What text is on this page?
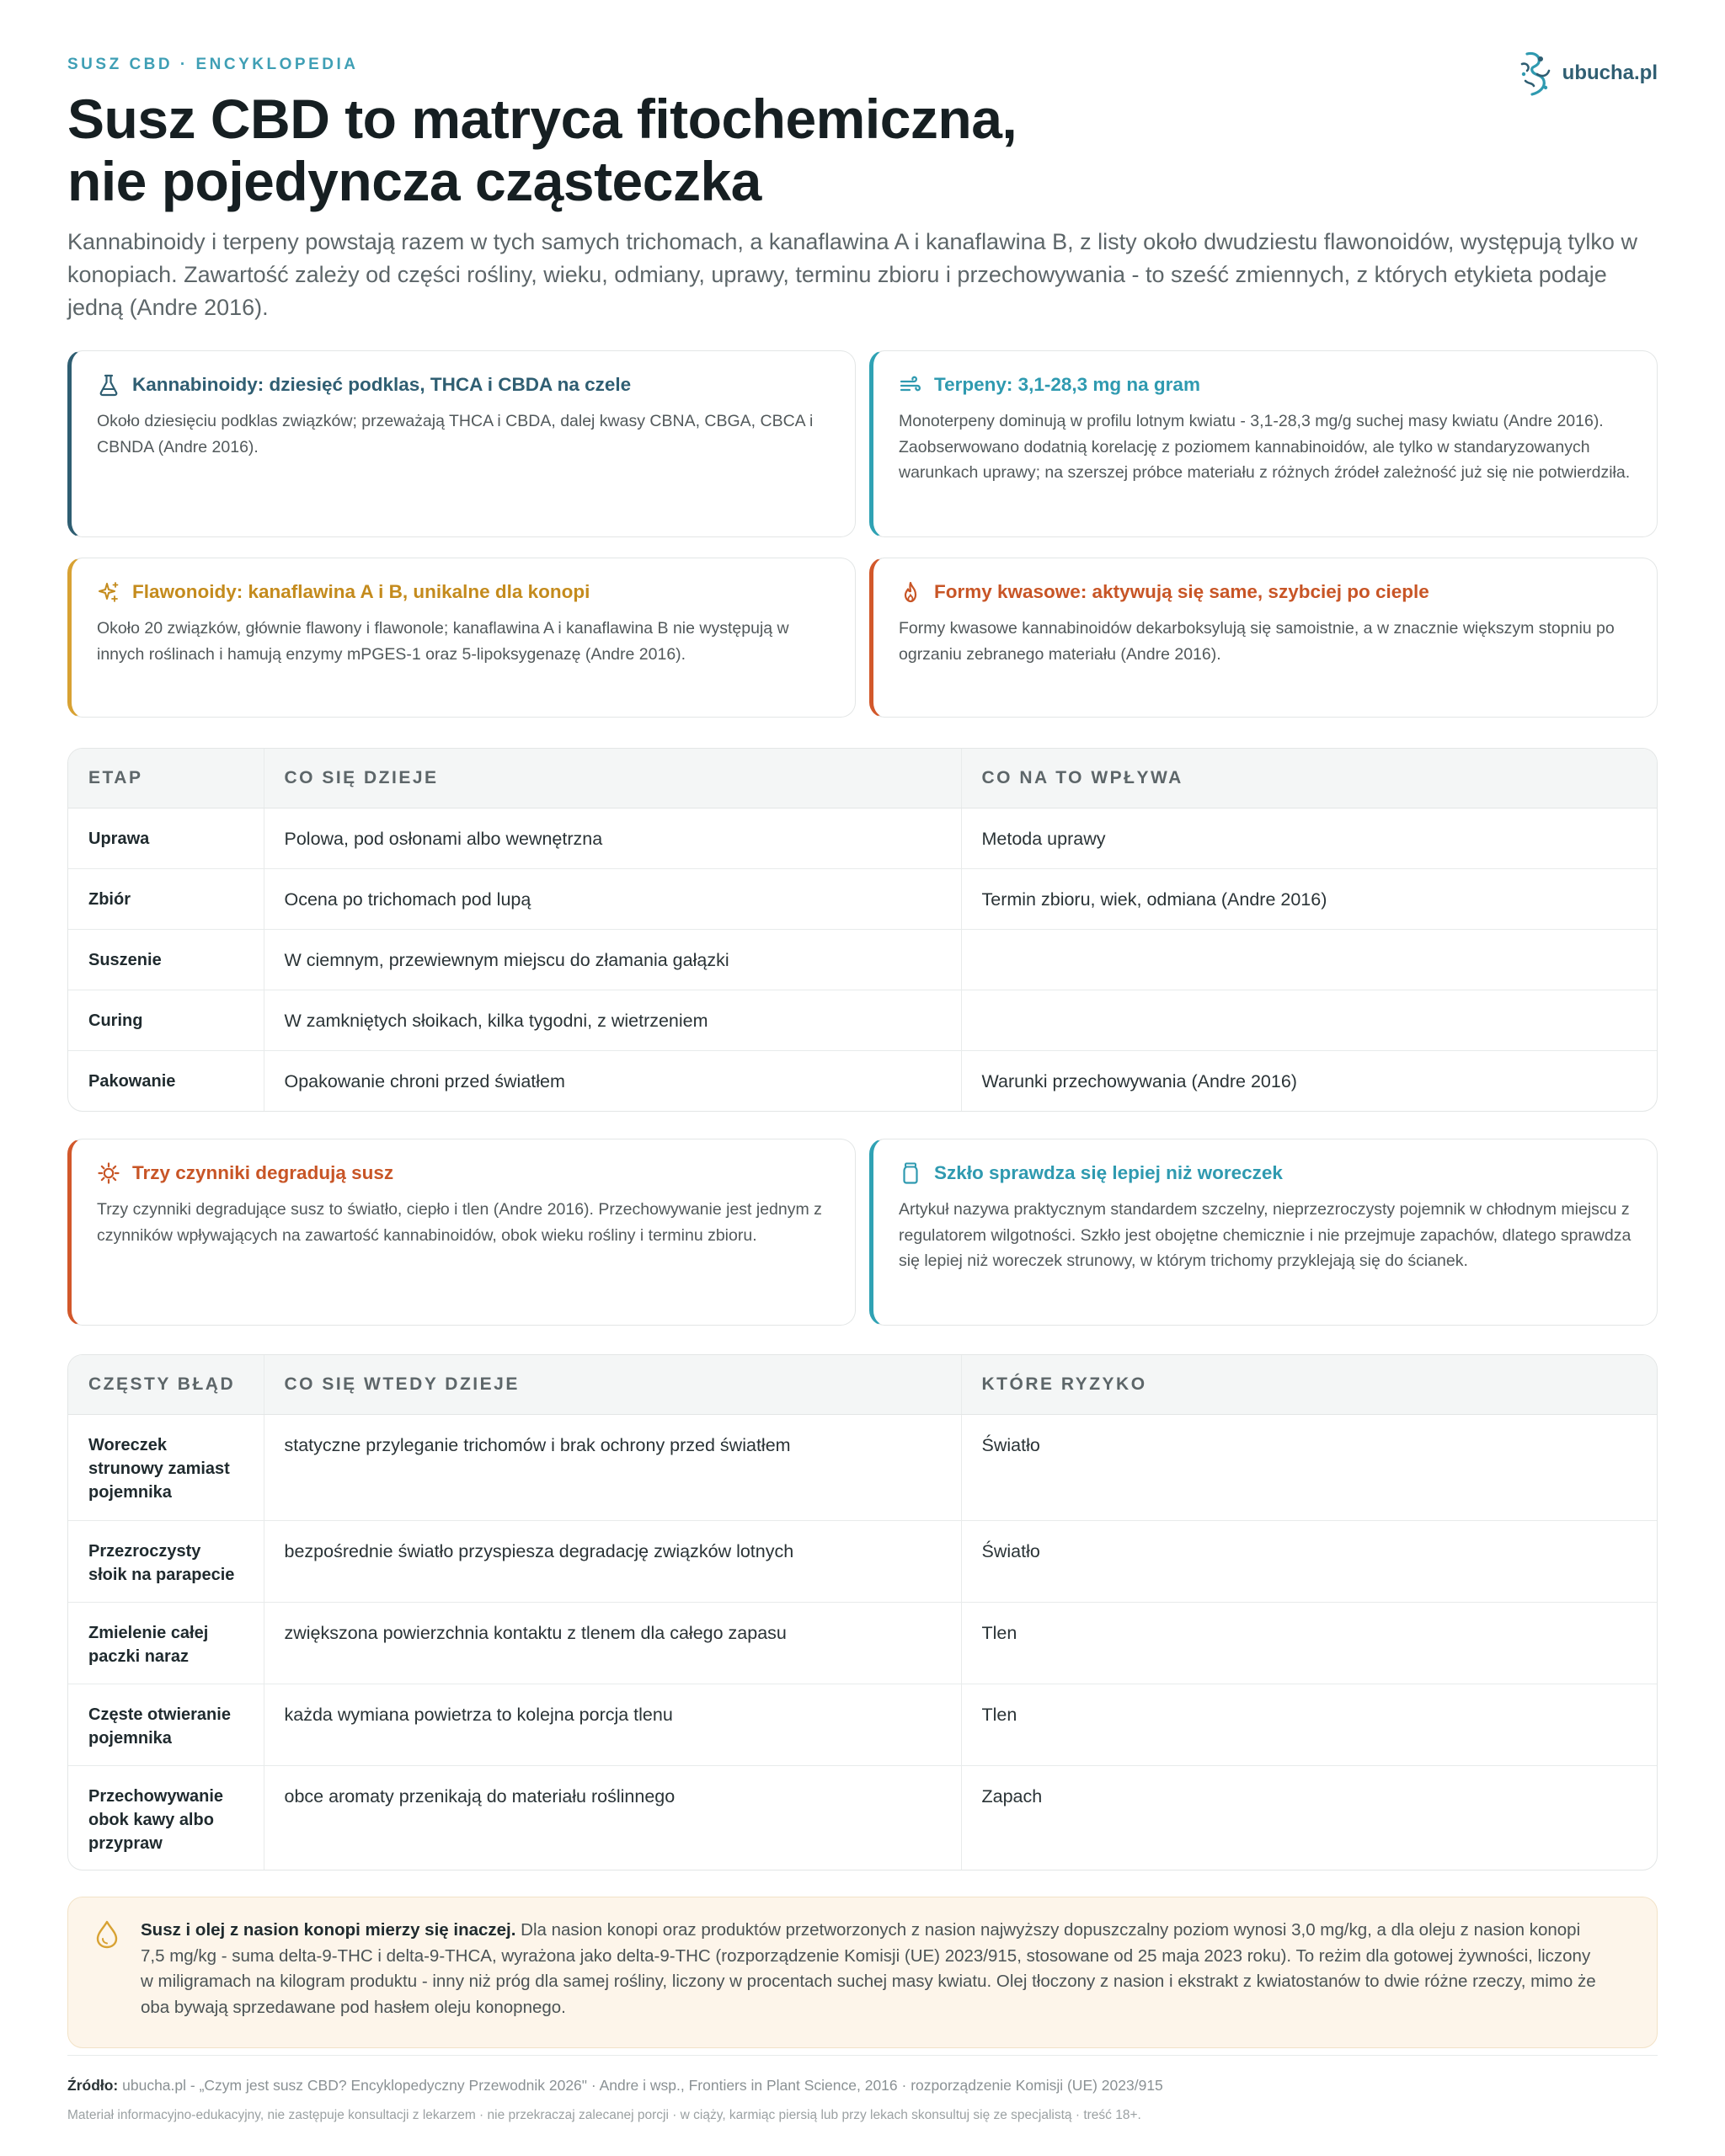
ubucha.pl
SUSZ CBD · ENCYKLOPEDIA
Susz CBD to matryca fitochemiczna,
nie pojedyncza cząsteczka

Kannabinoidy i terpeny powstają razem w tych samych trichomach, a kanaflawina A i kanaflawina B, z listy około dwudziestu flawonoidów, występują tylko w konopiach. Zawartość zależy od części rośliny, wieku, odmiany, uprawy, terminu zbioru i przechowywania - to sześć zmiennych, z których etykieta podaje jedną (Andre 2016).

Kannabinoidy: dziesięć podklas, THCA i CBDA na czele

Około dziesięciu podklas związków; przeważają THCA i CBDA, dalej kwasy CBNA, CBGA, CBCA i CBNDA (Andre 2016).

Terpeny: 3,1-28,3 mg na gram

Monoterpeny dominują w profilu lotnym kwiatu - 3,1-28,3 mg/g suchej masy kwiatu (Andre 2016). Zaobserwowano dodatnią korelację z poziomem kannabinoidów, ale tylko w standaryzowanych warunkach uprawy; na szerszej próbce materiału z różnych źródeł zależność już się nie potwierdziła.

Flawonoidy: kanaflawina A i B, unikalne dla konopi

Około 20 związków, głównie flawony i flawonole; kanaflawina A i kanaflawina B nie występują w innych roślinach i hamują enzymy mPGES-1 oraz 5-lipoksygenazę (Andre 2016).

Formy kwasowe: aktywują się same, szybciej po cieple

Formy kwasowe kannabinoidów dekarboksylują się samoistnie, a w znacznie większym stopniu po ogrzaniu zebranego materiału (Andre 2016).

ETAP	CO SIĘ DZIEJE	CO NA TO WPŁYWA
Uprawa	Polowa, pod osłonami albo wewnętrzna	Metoda uprawy
Zbiór	Ocena po trichomach pod lupą	Termin zbioru, wiek, odmiana (Andre 2016)
Suszenie	W ciemnym, przewiewnym miejscu do złamania gałązki	
Curing	W zamkniętych słoikach, kilka tygodni, z wietrzeniem	
Pakowanie	Opakowanie chroni przed światłem	Warunki przechowywania (Andre 2016)
Trzy czynniki degradują susz

Trzy czynniki degradujące susz to światło, ciepło i tlen (Andre 2016). Przechowywanie jest jednym z czynników wpływających na zawartość kannabinoidów, obok wieku rośliny i terminu zbioru.

Szkło sprawdza się lepiej niż woreczek

Artykuł nazywa praktycznym standardem szczelny, nieprzezroczysty pojemnik w chłodnym miejscu z regulatorem wilgotności. Szkło jest obojętne chemicznie i nie przejmuje zapachów, dlatego sprawdza się lepiej niż woreczek strunowy, w którym trichomy przyklejają się do ścianek.

CZĘSTY BŁĄD	CO SIĘ WTEDY DZIEJE	KTÓRE RYZYKO
Woreczek strunowy zamiast pojemnika	statyczne przyleganie trichomów i brak ochrony przed światłem	Światło
Przezroczysty słoik na parapecie	bezpośrednie światło przyspiesza degradację związków lotnych	Światło
Zmielenie całej paczki naraz	zwiększona powierzchnia kontaktu z tlenem dla całego zapasu	Tlen
Częste otwieranie pojemnika	każda wymiana powietrza to kolejna porcja tlenu	Tlen
Przechowywanie obok kawy albo przypraw	obce aromaty przenikają do materiału roślinnego	Zapach
Susz i olej z nasion konopi mierzy się inaczej. Dla nasion konopi oraz produktów przetworzonych z nasion najwyższy dopuszczalny poziom wynosi 3,0 mg/kg, a dla oleju z nasion konopi 7,5 mg/kg - suma delta-9-THC i delta-9-THCA, wyrażona jako delta-9-THC (rozporządzenie Komisji (UE) 2023/915, stosowane od 25 maja 2023 roku). To reżim dla gotowej żywności, liczony w miligramach na kilogram produktu - inny niż próg dla samej rośliny, liczony w procentach suchej masy kwiatu. Olej tłoczony z nasion i ekstrakt z kwiatostanów to dwie różne rzeczy, mimo że oba bywają sprzedawane pod hasłem oleju konopnego.
Źródło: ubucha.pl - „Czym jest susz CBD? Encyklopedyczny Przewodnik 2026" · Andre i wsp., Frontiers in Plant Science, 2016 · rozporządzenie Komisji (UE) 2023/915
Materiał informacyjno-edukacyjny, nie zastępuje konsultacji z lekarzem · nie przekraczaj zalecanej porcji · w ciąży, karmiąc piersią lub przy lekach skonsultuj się ze specjalistą · treść 18+.
